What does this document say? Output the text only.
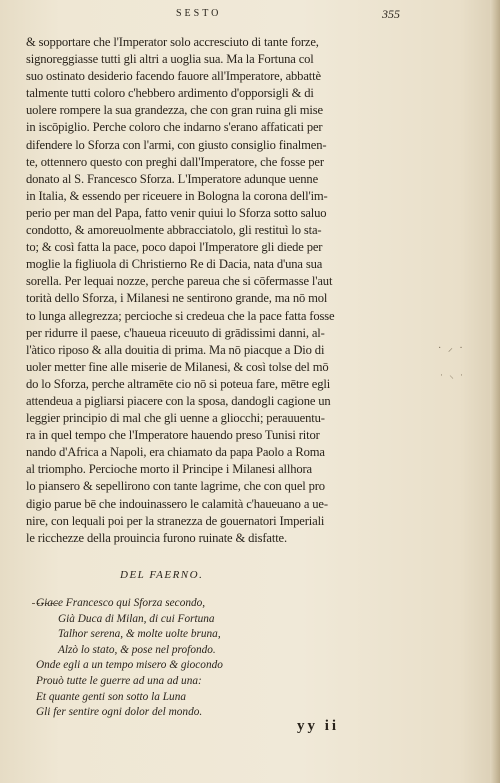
SESTO	355
& sopportare che l'Imperator solo accresciuto di tante forze,
signoreggiasse tutti gli altri a uoglia sua. Ma la Fortuna col
suo ostinato desiderio facendo fauore all'Imperatore, abbattè
talmente tutti coloro c'hebbero ardimento d'opporsigli & di
uolere rompere la sua grandezza, che con gran ruina gli mise
in iscōpiglio. Perche coloro che indarno s'erano affaticati per
difendere lo Sforza con l'armi, con giusto consiglio finalmen-
te, ottennero questo con preghi dall'Imperatore, che fosse per
donato al S. Francesco Sforza. L'Imperatore adunque uenne
in Italia, & essendo per riceuere in Bologna la corona dell'im-
perio per man del Papa, fatto venir quiui lo Sforza sotto saluo
condotto, & amoreuolmente abbracciatolo, gli restituì lo sta-
to; & così fatta la pace, poco dapoi l'Imperatore gli diede per
moglie la figliuola di Christierno Re di Dacia, nata d'una sua
sorella. Per lequai nozze, perche pareua che si cōfermasse l'aut
torità dello Sforza, i Milanesi ne sentirono grande, ma nō mol
to lunga allegrezza; percioche si credeua che la pace fatta fosse
per ridurre il paese, c'haueua riceuuto di grādissimi danni, al-
l'àtico riposo & alla douitia di prima. Ma nō piacque a Dio di
uoler metter fine alle miserie de Milanesi, & così tolse del mō
do lo Sforza, perche altramēte cio nō si poteua fare, mētre egli
attendeua a pigliarsi piacere con la sposa, dandogli cagione un
leggier principio di mal che gli uenne a gliocchi; perauuentu-
ra in quel tempo che l'Imperatore hauendo preso Tunisi ritor
nando d'Africa a Napoli, era chiamato da papa Paolo a Roma
al triompho. Percioche morto il Principe i Milanesi allhora
lo piansero & sepellirono con tante lagrime, che con quel pro
digio parue bē che indouinassero le calamità c'haueuano a ue-
nire, con lequali poi per la stranezza de gouernatori Imperiali
le ricchezze della prouincia furono ruinate & disfatte.
· ⸝ ·
· ⸜ ·
DEL FAERNO.
Giace Francesco qui Sforza secondo,
Già Duca di Milan, di cui Fortuna
Talhor serena, & molte uolte bruna,
Alzò lo stato, & pose nel profondo.
Onde egli a un tempo misero & giocondo
Prouò tutte le guerre ad una ad una:
Et quante genti son sotto la Luna
Gli fer sentire ogni dolor del mondo.
yy ii
